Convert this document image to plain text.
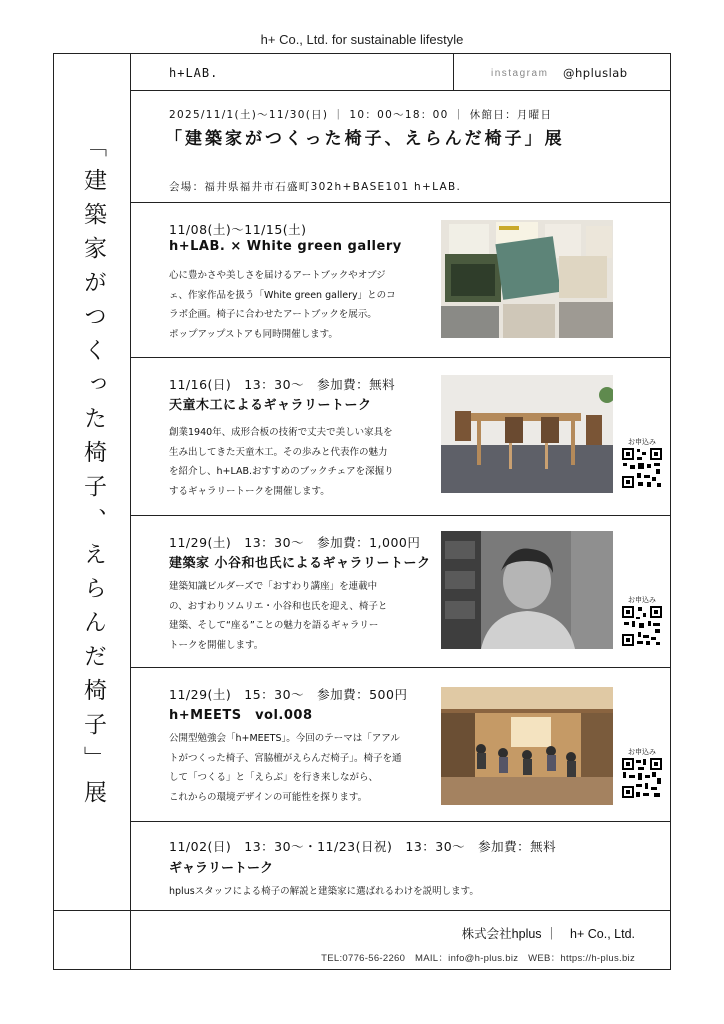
h+ Co., Ltd. for sustainable lifestyle
「建築家がつくった椅子、えらんだ椅子」展
h+LAB.	instagram @hpluslab
2025/11/1(土)～11/30(日) ｜ 10：00～18：00 ｜ 休館日：月曜日
「建築家がつくった椅子、えらんだ椅子」展
会場：福井県福井市石盛町302h+BASE101 h+LAB.
11/08(土)～11/15(土)
h+LAB. × White green gallery
心に豊かさや美しさを届けるアートブックやオブジ
ェ、作家作品を扱う「White green gallery」とのコ
ラボ企画。椅子に合わせたアートブックを展示。
ポップアップストアも同時開催します。
11/16(日)　13：30～　参加費：無料
天童木工によるギャラリートーク
創業1940年、成形合板の技術で丈夫で美しい家具を
生み出してきた天童木工。その歩みと代表作の魅力
を紹介し、h+LAB.おすすめのブックチェアを深掘り
するギャラリートークを開催します。
お申込み
11/29(土)　13：30～　参加費：1,000円
建築家 小谷和也氏によるギャラリートーク
建築知識ビルダーズで「おすわり講座」を連載中
の、おすわりソムリエ・小谷和也氏を迎え、椅子と
建築、そして“座る”ことの魅力を語るギャラリー
トークを開催します。
お申込み
11/29(土)　15：30～　参加費：500円
h+MEETS　vol.008
公開型勉強会「h+MEETS」。今回のテーマは「アアル
トがつくった椅子、宮脇檀がえらんだ椅子」。椅子を通
して「つくる」と「えらぶ」を行き来しながら、
これからの環境デザインの可能性を探ります。
お申込み
11/02(日)　13：30～・11/23(日祝)　13：30～　参加費：無料
ギャラリートーク
hplusスタッフによる椅子の解説と建築家に選ばれるわけを説明します。
株式会社hplus ｜　h+ Co., Ltd.
TEL:0776-56-2260　MAIL：info@h-plus.biz　WEB：https://h-plus.biz
